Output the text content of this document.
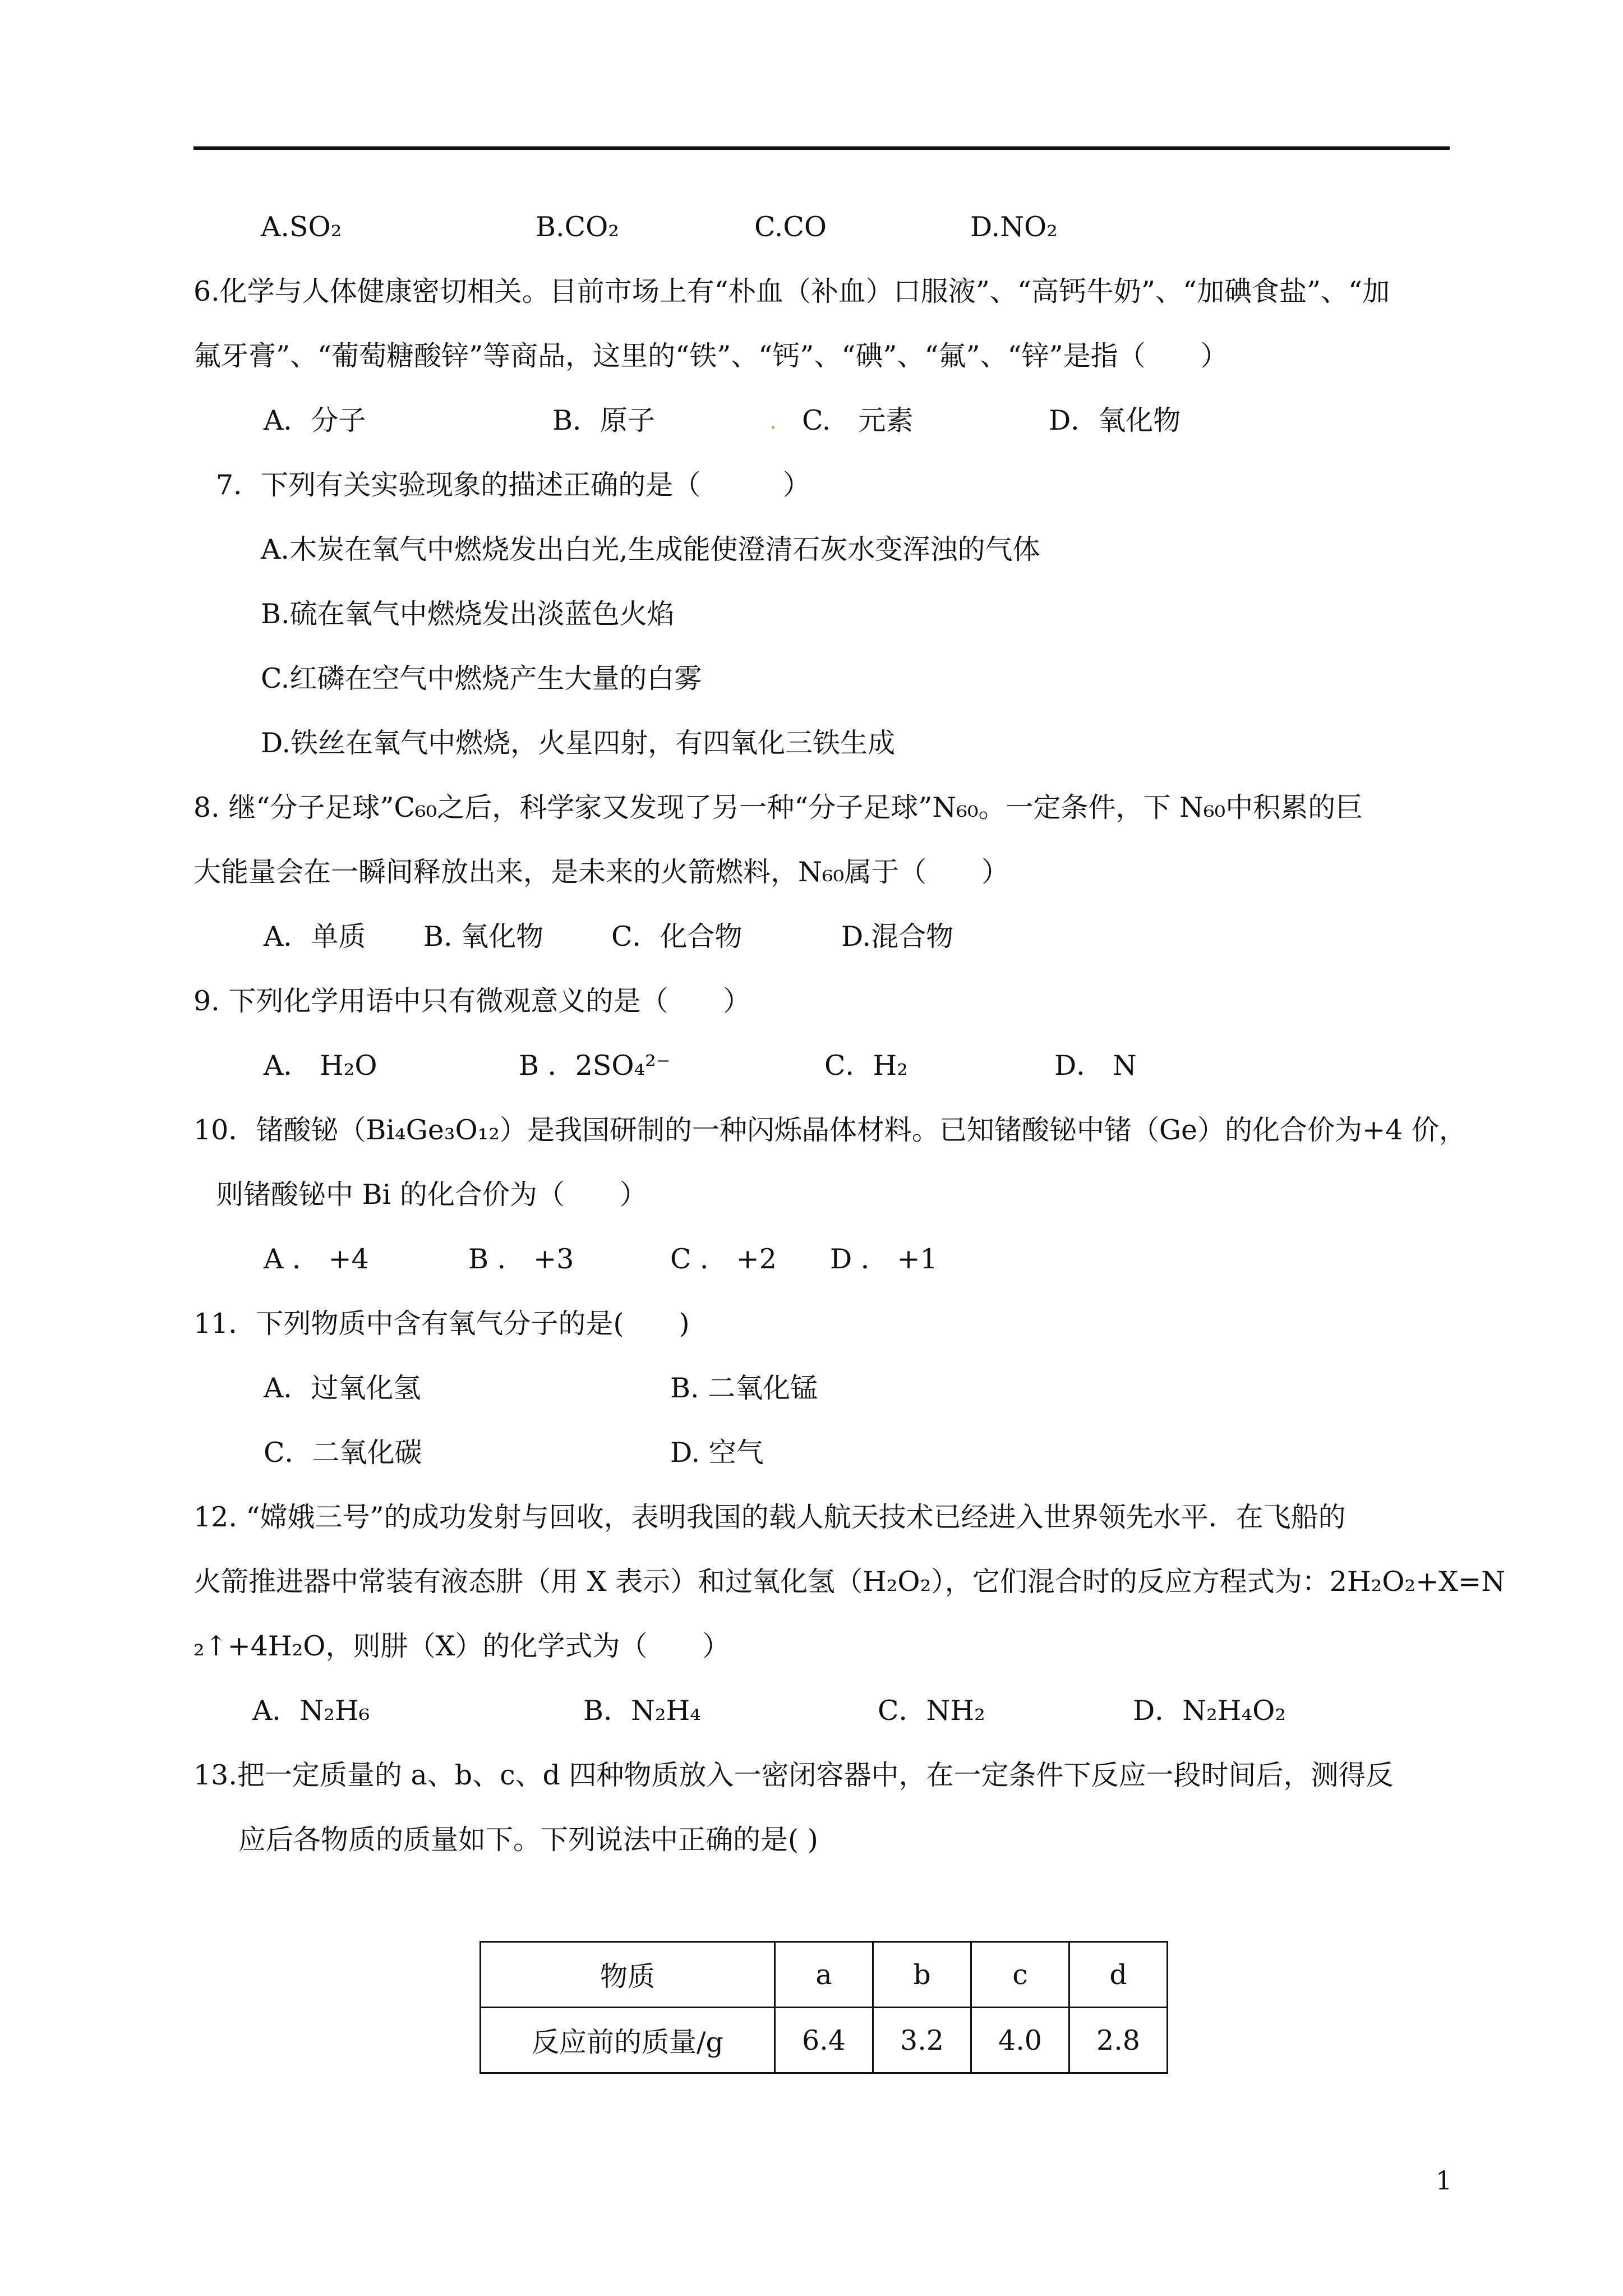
A.SO₂	B.CO₂	C.CO	D.NO₂
6.化学与人体健康密切相关。目前市场上有“朴血（补血）口服液”、“高钙牛奶”、“加碘食盐”、“加
氟牙膏”、“葡萄糖酸锌”等商品，这里的“铁”、“钙”、“碘”、“氟”、“锌”是指（　　）
A．分子	B．原子	. C.　元素	D．氧化物
7．下列有关实验现象的描述正确的是（　　　）
A.木炭在氧气中燃烧发出白光,生成能使澄清石灰水变浑浊的气体
B.硫在氧气中燃烧发出淡蓝色火焰
C.红磷在空气中燃烧产生大量的白雾
D.铁丝在氧气中燃烧，火星四射，有四氧化三铁生成
8. 继“分子足球”C₆₀之后，科学家又发现了另一种“分子足球”N₆₀。一定条件，下 N₆₀中积累的巨
大能量会在一瞬间释放出来，是未来的火箭燃料，N₆₀属于（　　）
A．单质 B. 氧化物 C．化合物	D.混合物
9. 下列化学用语中只有微观意义的是（　　）
A． H₂O	B ．2SO₄²⁻	C．H₂	D． N
10．锗酸铋（Bi₄Ge₃O₁₂）是我国研制的一种闪烁晶体材料。已知锗酸铋中锗（Ge）的化合价为+4 价，
则锗酸铋中 Bi 的化合价为（　　）
A ． +4	B ． +3	C ． +2 D ． +1
11．下列物质中含有氧气分子的是(　　)
A．过氧化氢	B. 二氧化锰
C．二氧化碳	D. 空气
12. “嫦娥三号”的成功发射与回收，表明我国的载人航天技术已经进入世界领先水平．在飞船的
火箭推进器中常装有液态肼（用 X 表示）和过氧化氢（H₂O₂），它们混合时的反应方程式为：2H₂O₂+X=N
₂↑+4H₂O，则肼（X）的化学式为（　　）
A．N₂H₆	B．N₂H₄	C．NH₂	D．N₂H₄O₂
13.把一定质量的 a、b、c、d 四种物质放入一密闭容器中，在一定条件下反应一段时间后，测得反
应后各物质的质量如下。下列说法中正确的是( )
物质	a	b	c	d
反应前的质量/g	6.4	3.2	4.0	2.8
1
